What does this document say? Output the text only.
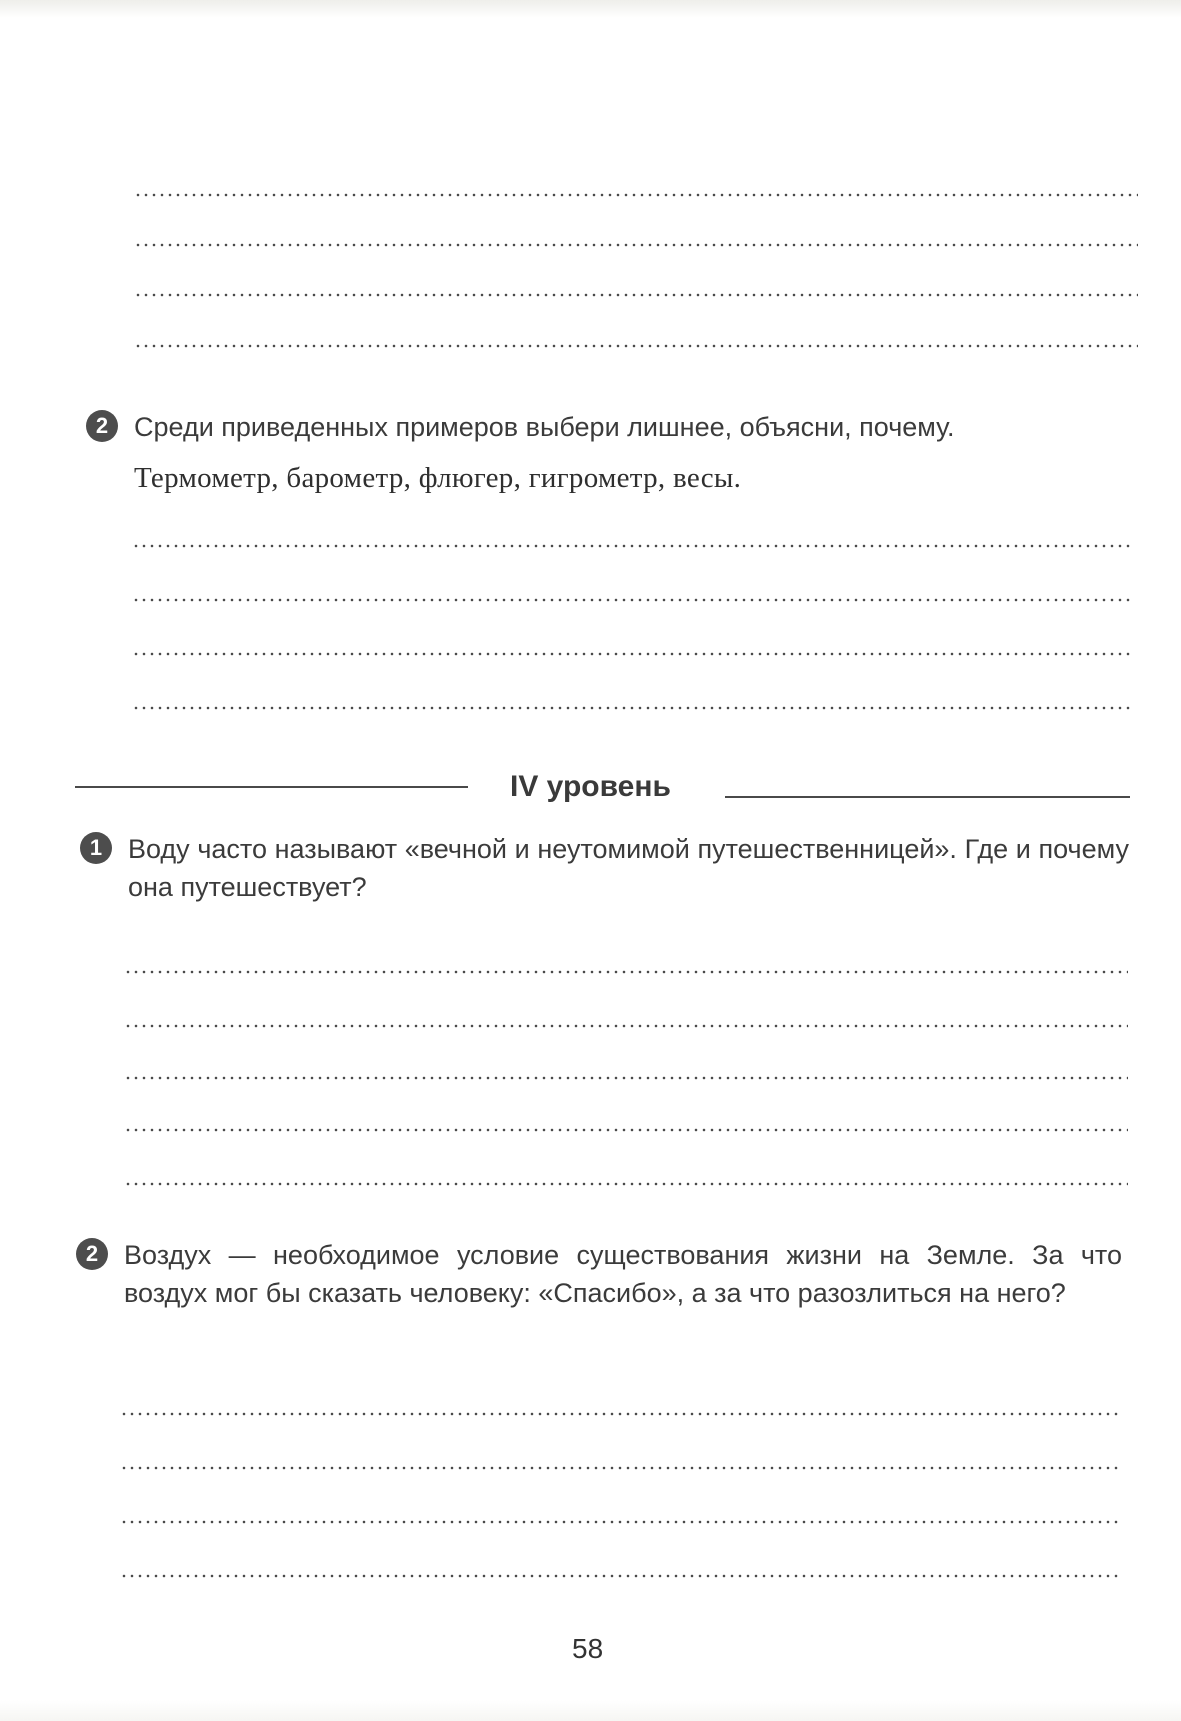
2 Среди приведенных примеров выбери лишнее, объясни, почему.
Термометр, барометр, флюгер, гигрометр, весы.
IV уровень
1 Воду часто называют «вечной и неутомимой путешественницей». Где и почему она путешествует?
2 Воздух — необходимое условие существования жизни на Земле. За что воздух мог бы сказать человеку: «Спасибо», а за что разозлиться на него?
58
